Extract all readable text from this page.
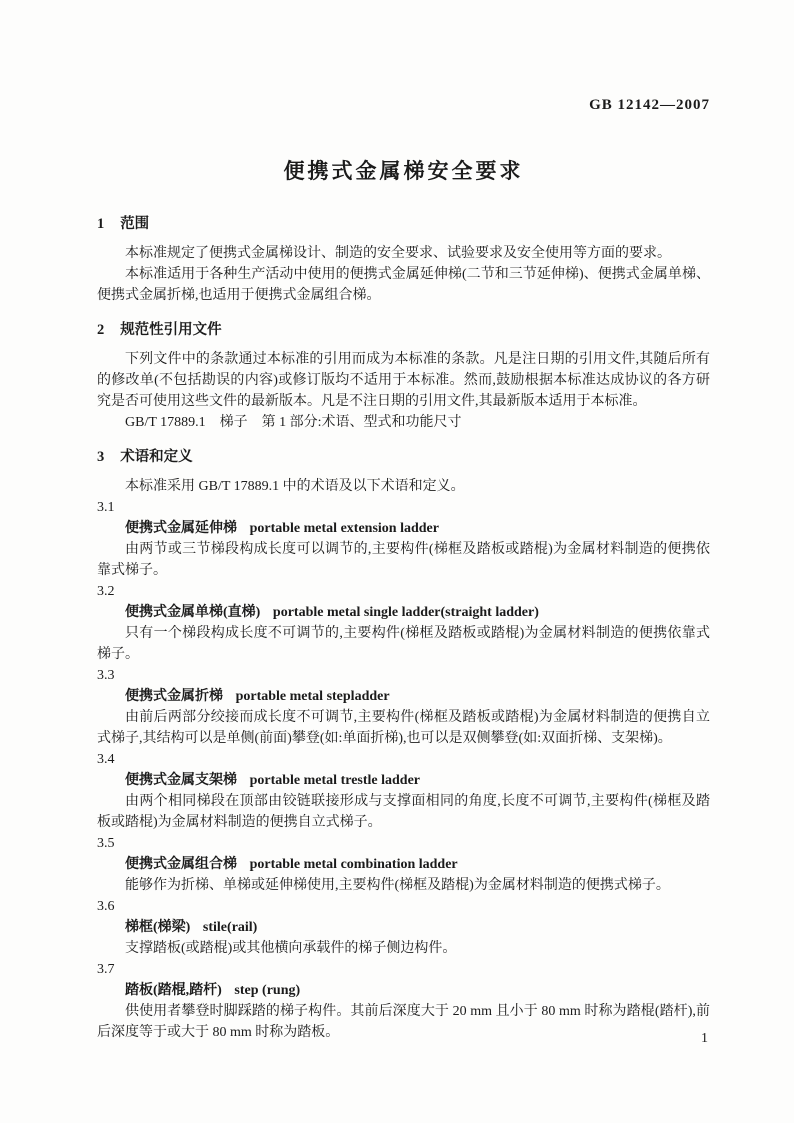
GB 12142—2007
便携式金属梯安全要求
1 范围

本标准规定了便携式金属梯设计、制造的安全要求、试验要求及安全使用等方面的要求。

本标准适用于各种生产活动中使用的便携式金属延伸梯(二节和三节延伸梯)、便携式金属单梯、便携式金属折梯,也适用于便携式金属组合梯。

2 规范性引用文件

下列文件中的条款通过本标准的引用而成为本标准的条款。凡是注日期的引用文件,其随后所有的修改单(不包括勘误的内容)或修订版均不适用于本标准。然而,鼓励根据本标准达成协议的各方研究是否可使用这些文件的最新版本。凡是不注日期的引用文件,其最新版本适用于本标准。

GB/T 17889.1　梯子　第 1 部分:术语、型式和功能尺寸

3 术语和定义

本标准采用 GB/T 17889.1 中的术语及以下术语和定义。

3.1

便携式金属延伸梯 portable metal extension ladder

由两节或三节梯段构成长度可以调节的,主要构件(梯框及踏板或踏棍)为金属材料制造的便携依靠式梯子。

3.2

便携式金属单梯(直梯) portable metal single ladder(straight ladder)

只有一个梯段构成长度不可调节的,主要构件(梯框及踏板或踏棍)为金属材料制造的便携依靠式梯子。

3.3

便携式金属折梯 portable metal stepladder

由前后两部分绞接而成长度不可调节,主要构件(梯框及踏板或踏棍)为金属材料制造的便携自立式梯子,其结构可以是单侧(前面)攀登(如:单面折梯),也可以是双侧攀登(如:双面折梯、支架梯)。

3.4

便携式金属支架梯 portable metal trestle ladder

由两个相同梯段在顶部由铰链联接形成与支撑面相同的角度,长度不可调节,主要构件(梯框及踏板或踏棍)为金属材料制造的便携自立式梯子。

3.5

便携式金属组合梯 portable metal combination ladder

能够作为折梯、单梯或延伸梯使用,主要构件(梯框及踏棍)为金属材料制造的便携式梯子。

3.6

梯框(梯梁) stile(rail)

支撑踏板(或踏棍)或其他横向承载件的梯子侧边构件。

3.7

踏板(踏棍,踏杆) step (rung)

供使用者攀登时脚踩踏的梯子构件。其前后深度大于 20 mm 且小于 80 mm 时称为踏棍(踏杆),前后深度等于或大于 80 mm 时称为踏板。	1
